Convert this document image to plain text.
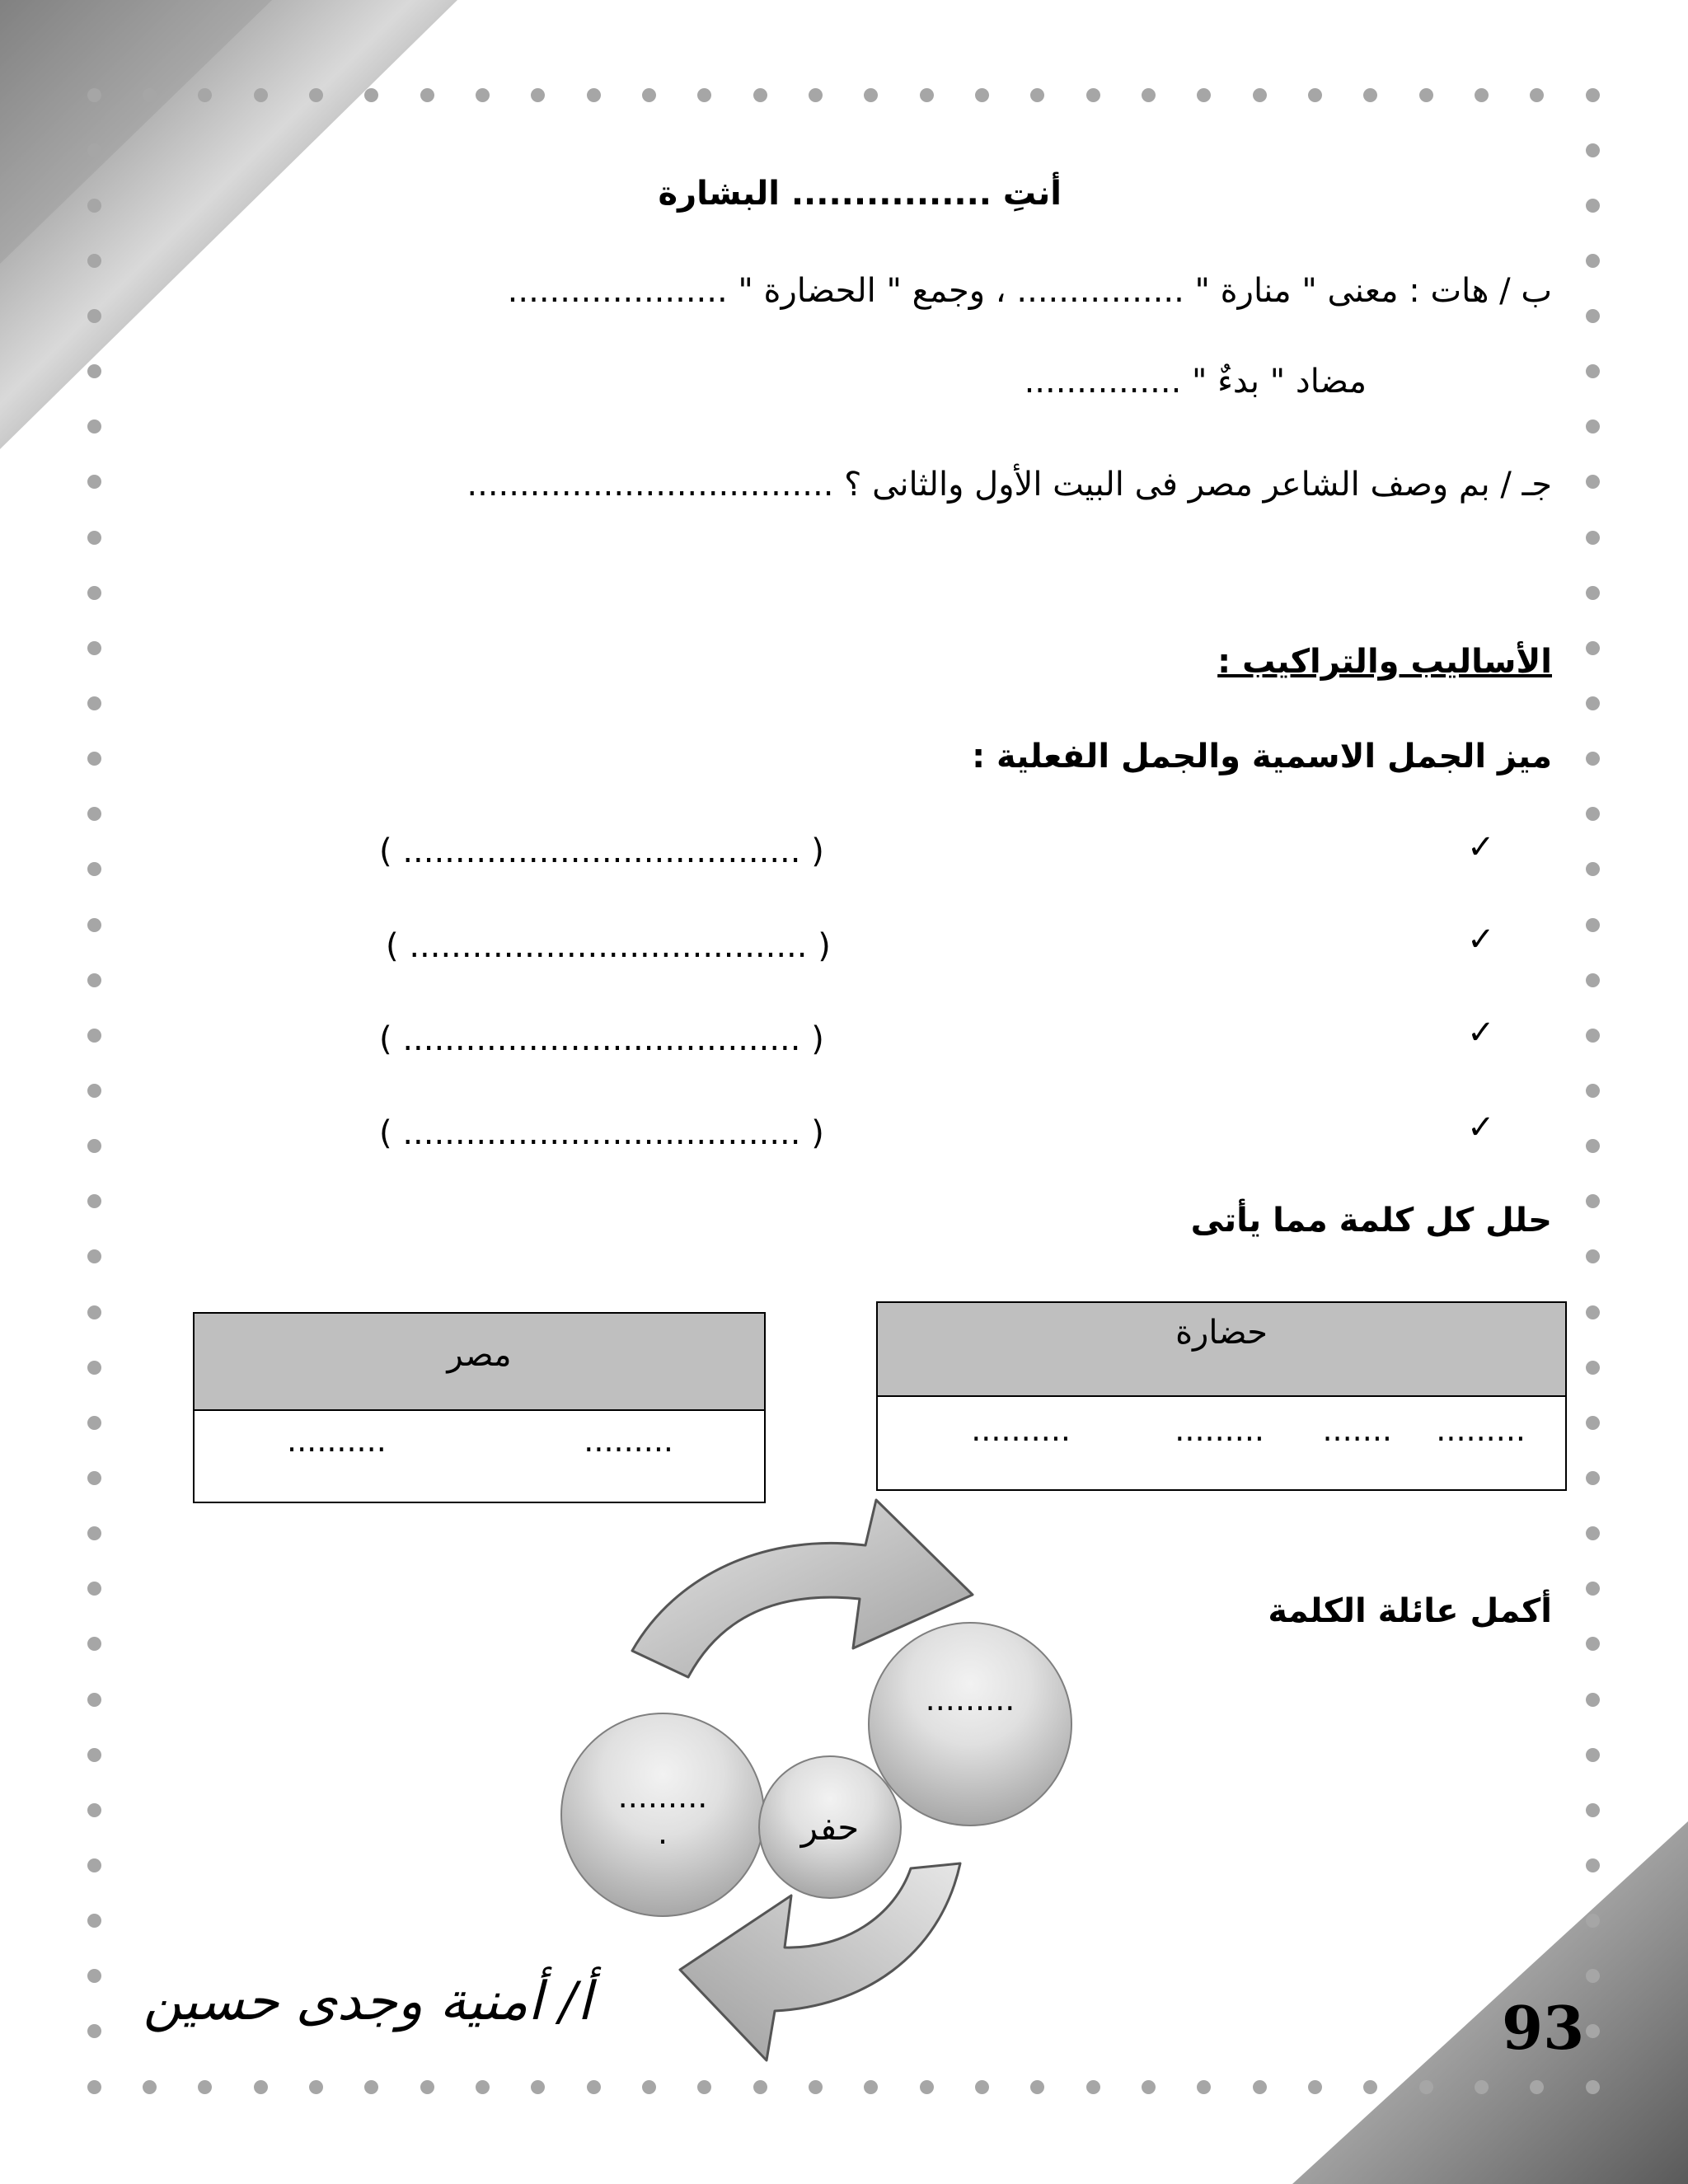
أنتِ ................ البشارة
ب / هات : معنى " منارة " ................ ، وجمع " الحضارة " .....................
مضاد " بدءٌ " ...............
جـ / بم وصف الشاعر مصر فى البيت الأول والثانى ؟ ...................................
الأساليب والتراكيب :
ميز الجمل الاسمية والجمل الفعلية :
✓
( ...................................... )
✓
( ...................................... )
✓
( ...................................... )
✓
( ...................................... )
حلل كل كلمة مما يأتى
حضارة
.........
.......
.........
..........
مصر
.........
..........
أكمل عائلة الكلمة
.........
.........
.	حفر
أ/ أمنية وجدى حسين	93
